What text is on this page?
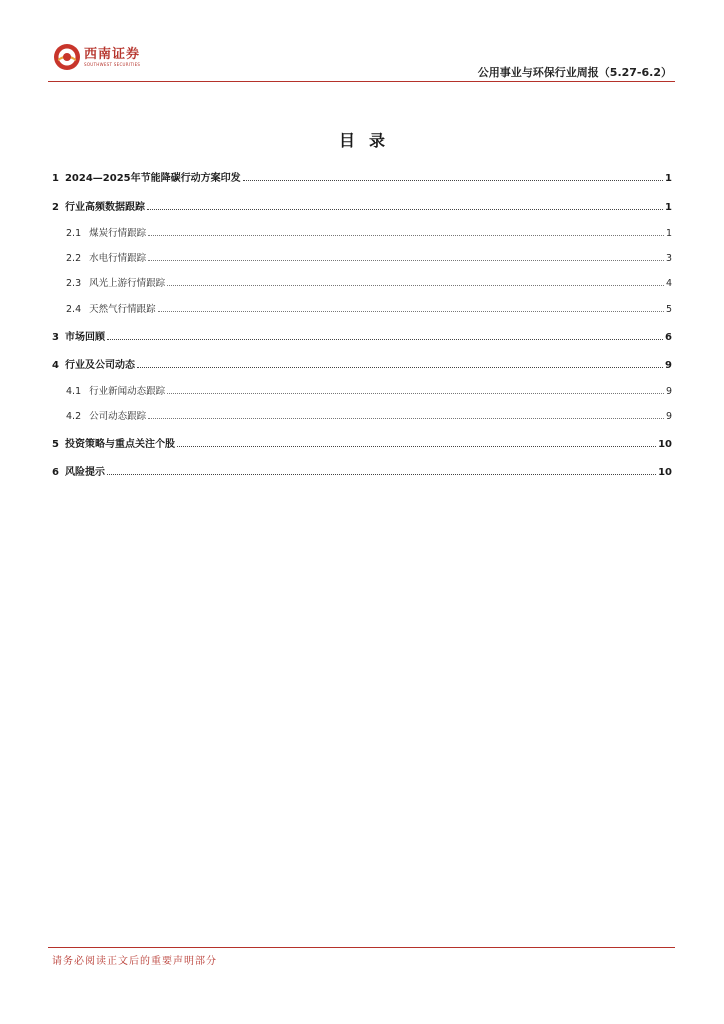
西南证券
SOUTHWEST SECURITIES
公用事业与环保行业周报（5.27-6.2）
目录
1 2024—2025年节能降碳行动方案印发	1
2 行业高频数据跟踪	1
2.1 煤炭行情跟踪	1
2.2 水电行情跟踪	3
2.3 风光上游行情跟踪	4
2.4 天然气行情跟踪	5
3 市场回顾	6
4 行业及公司动态	9
4.1 行业新闻动态跟踪	9
4.2 公司动态跟踪	9
5 投资策略与重点关注个股	10
6 风险提示	10
请务必阅读正文后的重要声明部分
